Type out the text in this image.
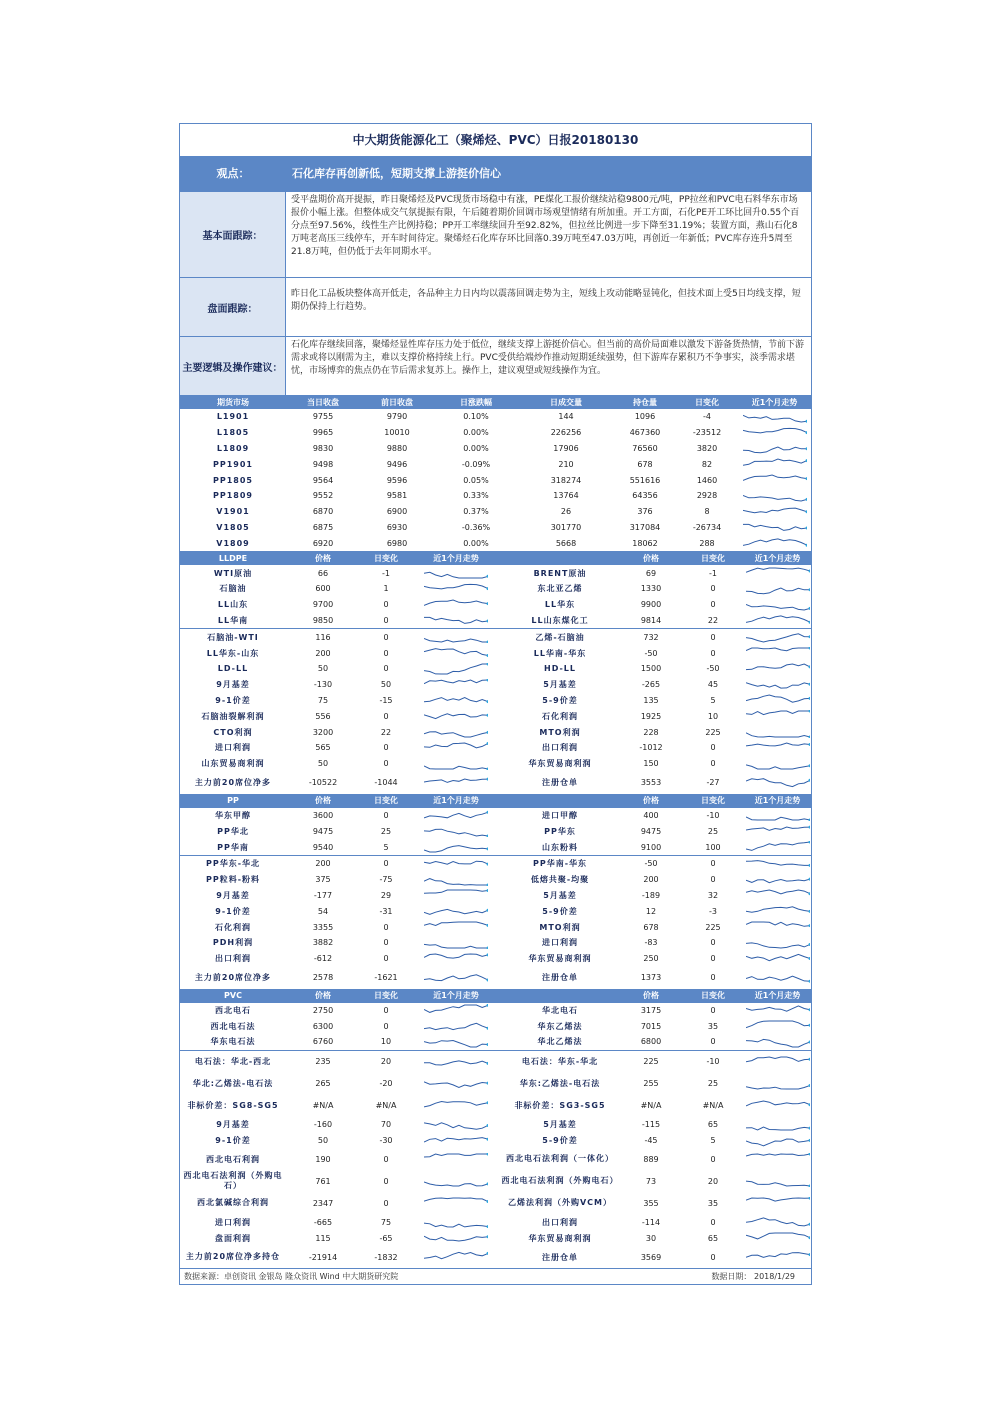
中大期货能源化工（聚烯烃、PVC）日报20180130
观点：	石化库存再创新低，短期支撑上游挺价信心
基本面跟踪：
受平盘期价高开提振，昨日聚烯烃及PVC现货市场稳中有涨，PE煤化工报价继续站稳9800元/吨，PP拉丝和PVC电石料华东市场报价小幅上涨。但整体成交气氛提振有限，午后随着期价回调市场观望情绪有所加重。开工方面，石化PE开工环比回升0.55个百分点至97.56%，线性生产比例持稳；PP开工率继续回升至92.82%，但拉丝比例进一步下降至31.19%；装置方面，燕山石化8万吨老高压三线停车，开车时间待定。聚烯烃石化库存环比回落0.39万吨至47.03万吨，再创近一年新低；PVC库存连升5周至21.8万吨，但仍低于去年同期水平。
盘面跟踪：
昨日化工品板块整体高开低走，各品种主力日内均以震荡回调走势为主，短线上攻动能略显钝化，但技术面上受5日均线支撑，短期仍保持上行趋势。
主要逻辑及操作建议：
石化库存继续回落，聚烯烃显性库存压力处于低位，继续支撑上游挺价信心。但当前的高价局面难以激发下游备货热情，节前下游需求或将以刚需为主，难以支撑价格持续上行。PVC受供给端炒作推动短期延续强势，但下游库存累积乃不争事实，淡季需求堪忧，市场博弈的焦点仍在节后需求复苏上。操作上，建议观望或短线操作为宜。
期货市场	当日收盘	前日收盘	日涨跌幅	日成交量	持仓量	日变化	近1个月走势
L1901	9755	9790	0.10%	144	1096	-4	

L1805	9965	10010	0.00%	226256	467360	-23512	

L1809	9830	9880	0.00%	17906	76560	3820	

PP1901	9498	9496	-0.09%	210	678	82	

PP1805	9564	9596	0.05%	318274	551616	1460	

PP1809	9552	9581	0.33%	13764	64356	2928	

V1901	6870	6900	0.37%	26	376	8	

V1805	6875	6930	-0.36%	301770	317084	-26734	

V1809	6920	6980	0.00%	5668	18062	288	
LLDPE	价格	日变化	近1个月走势		价格	日变化	近1个月走势
WTI原油	66	-1		BRENT原油	69	-1	

石脑油	600	1		东北亚乙烯	1330	0	

LL山东	9700	0		LL华东	9900	0	

LL华南	9850	0		LL山东煤化工	9814	22	

石脑油-WTI	116	0		乙烯-石脑油	732	0	

LL华东-山东	200	0		LL华南-华东	-50	0	

LD-LL	50	0		HD-LL	1500	-50	

9月基差	-130	50		5月基差	-265	45	

9-1价差	75	-15		5-9价差	135	5	

石脑油裂解利润	556	0		石化利润	1925	10	

CTO利润	3200	22		MTO利润	228	225	

进口利润	565	0		出口利润	-1012	0	

山东贸易商利润	50	0		华东贸易商利润	150	0	

主力前20席位净多	-10522	-1044		注册仓单	3553	-27	
PP	价格	日变化	近1个月走势		价格	日变化	近1个月走势
华东甲醇	3600	0		进口甲醇	400	-10	

PP华北	9475	25		PP华东	9475	25	

PP华南	9540	5		山东粉料	9100	100	

PP华东-华北	200	0		PP华南-华东	-50	0	

PP粒料-粉料	375	-75		低熔共聚-均聚	200	0	

9月基差	-177	29		5月基差	-189	32	

9-1价差	54	-31		5-9价差	12	-3	

石化利润	3355	0		MTO利润	678	225	

PDH利润	3882	0		进口利润	-83	0	

出口利润	-612	0		华东贸易商利润	250	0	

主力前20席位净多	2578	-1621		注册仓单	1373	0	
PVC	价格	日变化	近1个月走势		价格	日变化	近1个月走势
西北电石	2750	0		华北电石	3175	0	

西北电石法	6300	0		华东乙烯法	7015	35	

华东电石法	6760	10		华北乙烯法	6800	0	

电石法：华北-西北	235	20		电石法：华东-华北	225	-10	

华北:乙烯法-电石法	265	-20		华东:乙烯法-电石法	255	25	

非标价差：SG8-SG5	#N/A	#N/A		非标价差：SG3-SG5	#N/A	#N/A	

9月基差	-160	70		5月基差	-115	65	

9-1价差	50	-30		5-9价差	-45	5	

西北电石利润	190	0		西北电石法利润（一体化）	889	0	

西北电石法利润（外购电石）	761	0		西北电石法利润（外购电石）	73	20	

西北氯碱综合利润	2347	0		乙烯法利润（外购VCM）	355	35	

进口利润	-665	75		出口利润	-114	0	

盘面利润	115	-65		华东贸易商利润	30	65	

主力前20席位净多持仓	-21914	-1832		注册仓单	3569	0	
数据来源：卓创资讯 金银岛 隆众资讯 Wind 中大期货研究院	数据日期： 2018/1/29
